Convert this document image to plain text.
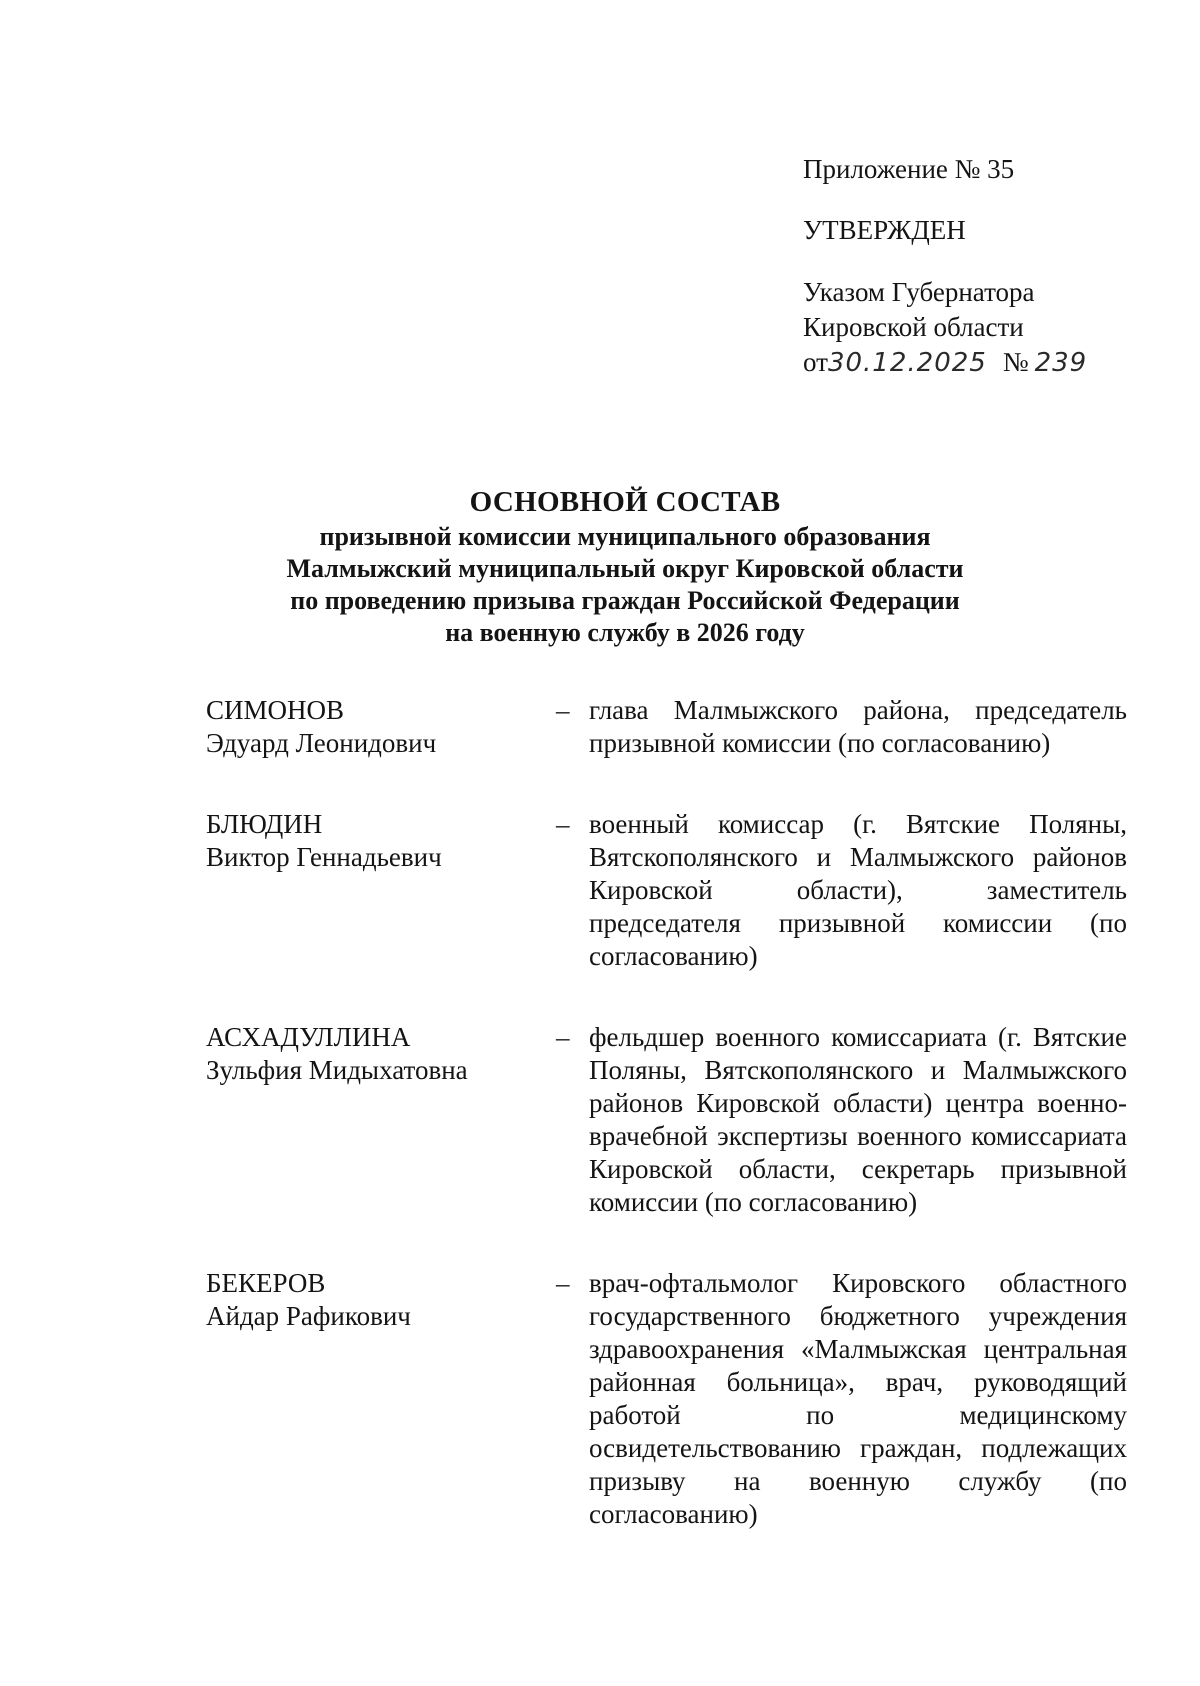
Приложение № 35
УТВЕРЖДЕН
Указом Губернатора
Кировской области
от30.12.2025 № 239
ОСНОВНОЙ СОСТАВ
призывной комиссии муниципального образования
Малмыжский муниципальный округ Кировской области
по проведению призыва граждан Российской Федерации
на военную службу в 2026 году
СИМОНОВ
Эдуард Леонидович
– глава Малмыжского района, председатель призывной комиссии (по согласованию)
БЛЮДИН
Виктор Геннадьевич
– военный комиссар (г. Вятские Поляны, Вятскополянского и Малмыжского районов Кировской области), заместитель председателя призывной комиссии (по согласованию)
АСХАДУЛЛИНА
Зульфия Мидыхатовна
– фельдшер военного комиссариата (г. Вятские Поляны, Вятскополянского и Малмыжского районов Кировской области) центра военно-врачебной экспертизы военного комиссариата Кировской области, секретарь призывной комиссии (по согласованию)
БЕКЕРОВ
Айдар Рафикович
– врач-офтальмолог Кировского областного государственного бюджетного учреждения здравоохранения «Малмыжская центральная районная больница», врач, руководящий работой по медицинскому освидетельствованию граждан, подлежащих призыву на военную службу (по согласованию)
